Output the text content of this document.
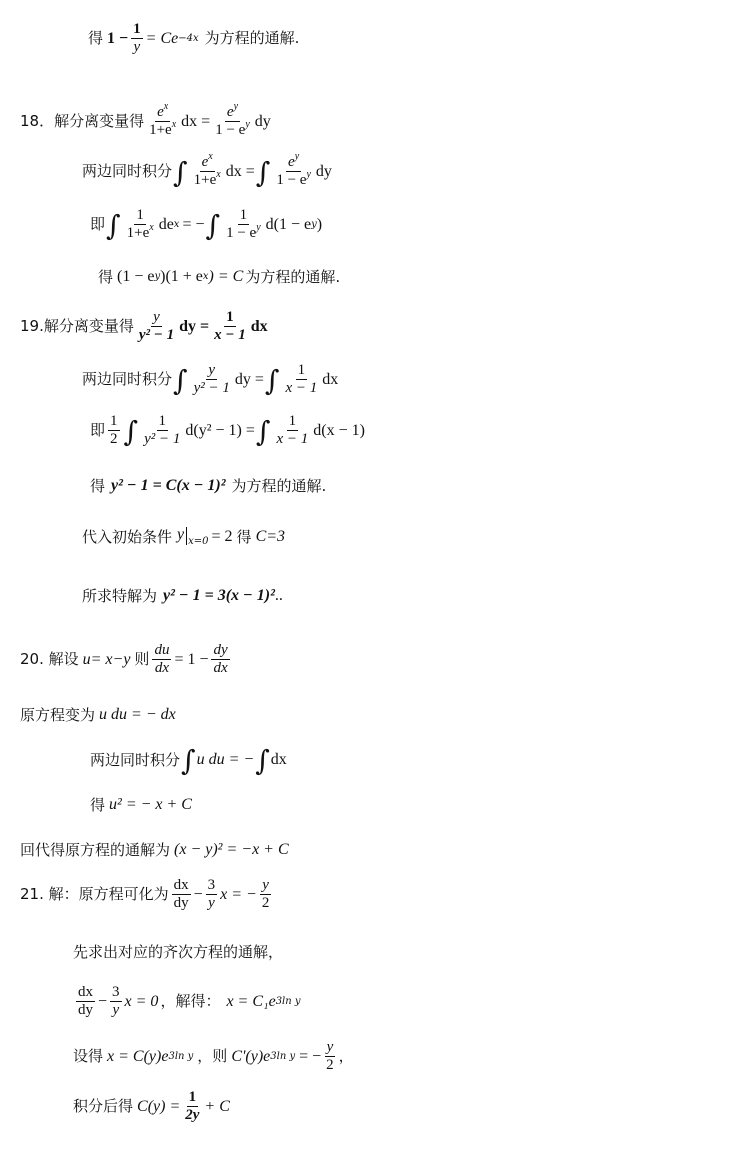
得 $1 - \frac{1}{y} = Ce -4x$ 为方程的通解.
18．解分离变量得 $\frac{e^x}{1+e^x}$ dx = $\frac{e^y}{1 - e^y}$ dy
两边同时积分 ∫ $\frac{e^x}{1+e^x}$ dx = ∫ $\frac{e^y}{1 - e^y}$ dy
即 ∫ $\frac{1}{1+e^x}$ de x = − ∫ $\frac{1}{1 - e^y} d(1 - e$ y )
得 (1 − e y )(1 + e x ) = C 为方程的通解.
19.解分离变量得 $\frac{y}{\text{y² − 1}}$ dy = $\frac{1}{x - 1}$ dx
两边同时积分 ∫ $\frac{y}{\text{y² − 1}}$ dy = ∫ $\frac{1}{x - 1}$ dx
即 $\frac{1}{2}$ ∫ $\frac{1}{\text{y² − 1}} d(y^2 - 1)$ = ∫ $\frac{1}{x - 1} d(x - 1)$
得 y² − 1 = C(x − 1)² 为方程的通解.
代入初始条件 y x=0 = 2 得 C=3
所求特解为 y² − 1 = 3(x − 1)² ..
20. 解设 u= x−y 则 $\frac{du}{dx} = 1 - \frac{dy}{dx}$
原方程变为 u du = − dx
两边同时积分 ∫ u du = − ∫ dx
得 u² = − x + C
回代得原方程的通解为 (x − y)² = −x + C
21. 解：原方程可化为 $\frac{dx}{dy} - \frac{3}{y}$ x = − $\frac{y}{2}$
先求出对应的齐次方程的通解，
$\frac{dx}{dy} - \frac{3}{y}$ x = 0 ，解得： x = C₁e 3ln y
设得 x = C(y)e 3ln y ，则 C'(y)e 3ln y = − $\frac{y}{2}$ ，
积分后得 $C(y) = \frac{1}{2y} + C$
